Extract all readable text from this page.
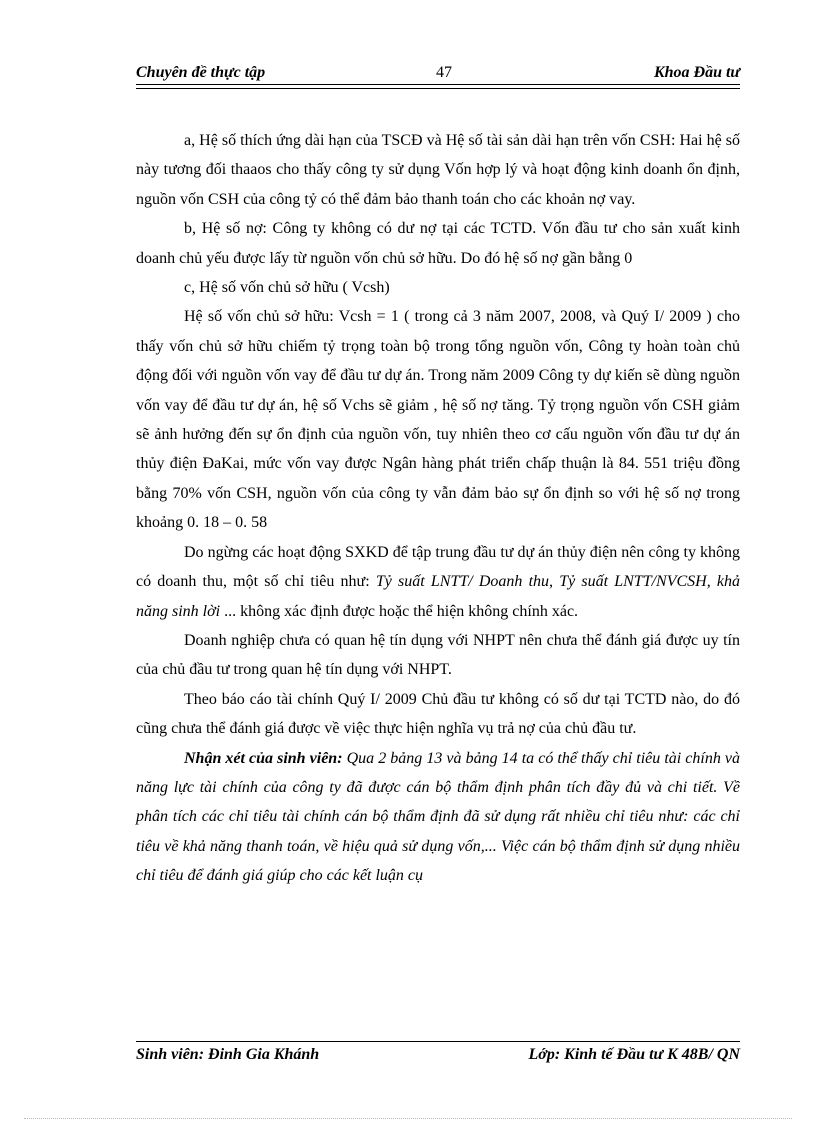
Chuyên đề thực tập	47	Khoa Đầu tư

a, Hệ số thích ứng dài hạn của TSCĐ và Hệ số tài sản dài hạn trên vốn CSH: Hai hệ số này tương đối thaaos cho thấy công ty sử dụng Vốn hợp lý và hoạt động kinh doanh ổn định, nguồn vốn CSH của công tỷ có thể đảm bảo thanh toán cho các khoản nợ vay.

b, Hệ số nợ: Công ty không có dư nợ tại các TCTD. Vốn đầu tư cho sản xuất kinh doanh chủ yếu được lấy từ nguồn vốn chủ sở hữu. Do đó hệ số nợ gần bằng 0

c, Hệ số vốn chủ sở hữu ( Vcsh)

Hệ số vốn chủ sở hữu: Vcsh = 1 ( trong cả 3 năm 2007, 2008, và Quý I/ 2009 ) cho thấy vốn chủ sở hữu chiếm tỷ trọng toàn bộ trong tổng nguồn vốn, Công ty hoàn toàn chủ động đối với nguồn vốn vay để đầu tư dự án. Trong năm 2009 Công ty dự kiến sẽ dùng nguồn vốn vay để đầu tư dự án, hệ số Vchs sẽ giảm , hệ số nợ tăng. Tỷ trọng nguồn vốn CSH giảm sẽ ảnh hưởng đến sự ổn định của nguồn vốn, tuy nhiên theo cơ cấu nguồn vốn đầu tư dự án thủy điện ĐaKai, mức vốn vay được Ngân hàng phát triển chấp thuận là 84. 551 triệu đồng bằng 70% vốn CSH, nguồn vốn của công ty vẫn đảm bảo sự ổn định so với hệ số nợ trong khoảng 0. 18 – 0. 58

Do ngừng các hoạt động SXKD để tập trung đầu tư dự án thủy điện nên công ty không có doanh thu, một số chỉ tiêu như: Tỷ suất LNTT/ Doanh thu, Tỷ suất LNTT/NVCSH, khả năng sinh lời ... không xác định được hoặc thể hiện không chính xác.

Doanh nghiệp chưa có quan hệ tín dụng với NHPT nên chưa thể đánh giá được uy tín của chủ đầu tư trong quan hệ tín dụng với NHPT.

Theo báo cáo tài chính Quý I/ 2009 Chủ đầu tư không có số dư tại TCTD nào, do đó cũng chưa thể đánh giá được về việc thực hiện nghĩa vụ trả nợ của chủ đầu tư.

Nhận xét của sinh viên: Qua 2 bảng 13 và bảng 14 ta có thể thấy chỉ tiêu tài chính và năng lực tài chính của công ty đã được cán bộ thẩm định phân tích đầy đủ và chi tiết. Về phân tích các chỉ tiêu tài chính cán bộ thẩm định đã sử dụng rất nhiều chỉ tiêu như: các chỉ tiêu về khả năng thanh toán, về hiệu quả sử dụng vốn,... Việc cán bộ thẩm định sử dụng nhiều chỉ tiêu để đánh giá giúp cho các kết luận cụ

Sinh viên: Đinh Gia Khánh	Lớp: Kinh tế Đầu tư K 48B/ QN
